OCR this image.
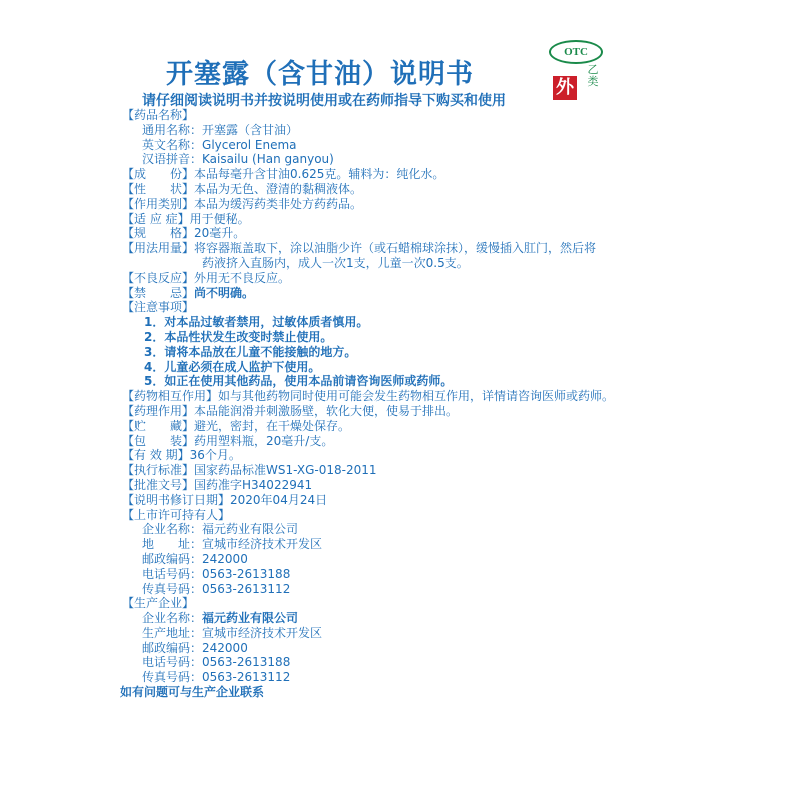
开塞露（含甘油）说明书
OTC
乙
类
外
请仔细阅读说明书并按说明使用或在药师指导下购买和使用
【药品名称】
通用名称：开塞露（含甘油）
英文名称：Glycerol Enema
汉语拼音：Kaisailu (Han ganyou)
【成　　份】本品每毫升含甘油0.625克。辅料为：纯化水。
【性　　状】本品为无色、澄清的黏稠液体。
【作用类别】本品为缓泻药类非处方药药品。
【适 应 症】用于便秘。
【规　　格】20毫升。
【用法用量】将容器瓶盖取下，涂以油脂少许（或石蜡棉球涂抹），缓慢插入肛门，然后将
药液挤入直肠内，成人一次1支，儿童一次0.5支。
【不良反应】外用无不良反应。
【禁　　忌】尚不明确。
【注意事项】
1．对本品过敏者禁用，过敏体质者慎用。
2．本品性状发生改变时禁止使用。
3．请将本品放在儿童不能接触的地方。
4．儿童必须在成人监护下使用。
5．如正在使用其他药品，使用本品前请咨询医师或药师。
【药物相互作用】如与其他药物同时使用可能会发生药物相互作用，详情请咨询医师或药师。
【药理作用】本品能润滑并刺激肠壁，软化大便，使易于排出。
【贮　　藏】避光，密封，在干燥处保存。
【包　　装】药用塑料瓶，20毫升/支。
【有 效 期】36个月。
【执行标准】国家药品标准WS1-XG-018-2011
【批准文号】国药准字H34022941
【说明书修订日期】2020年04月24日
【上市许可持有人】
企业名称：福元药业有限公司
地　　址：宣城市经济技术开发区
邮政编码：242000
电话号码：0563-2613188
传真号码：0563-2613112
【生产企业】
企业名称：福元药业有限公司
生产地址：宣城市经济技术开发区
邮政编码：242000
电话号码：0563-2613188
传真号码：0563-2613112
如有问题可与生产企业联系
